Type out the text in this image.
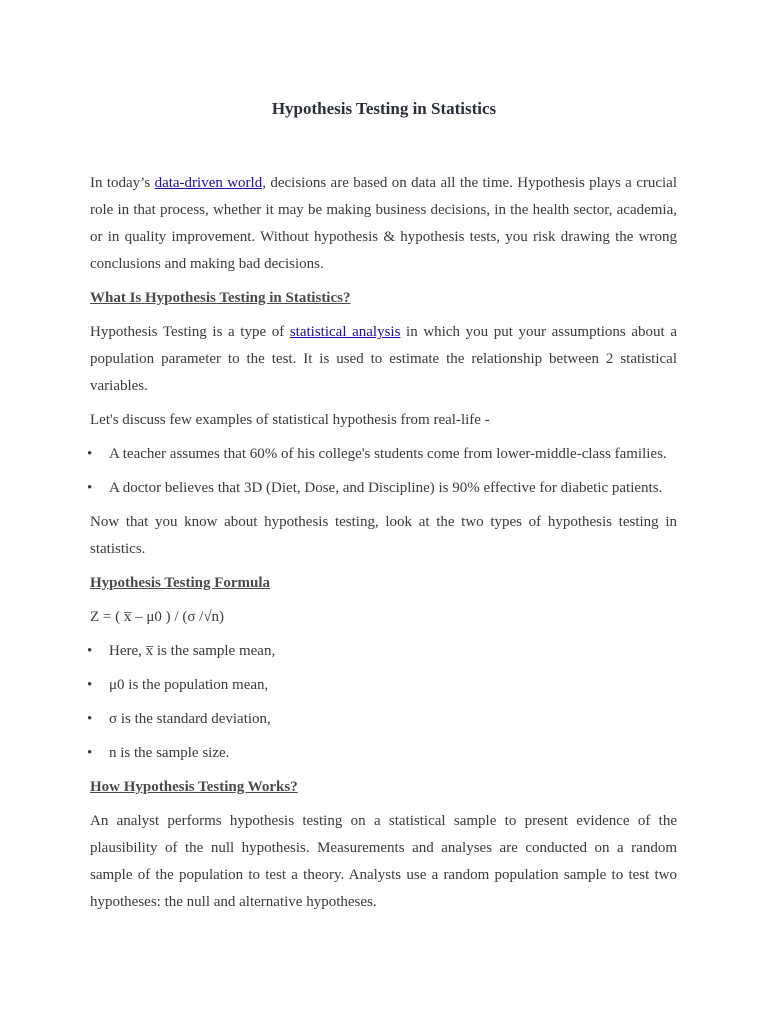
Hypothesis Testing in Statistics

In today’s data-driven world, decisions are based on data all the time. Hypothesis plays a crucial role in that process, whether it may be making business decisions, in the health sector, academia, or in quality improvement. Without hypothesis & hypothesis tests, you risk drawing the wrong conclusions and making bad decisions.

What Is Hypothesis Testing in Statistics?

Hypothesis Testing is a type of statistical analysis in which you put your assumptions about a population parameter to the test. It is used to estimate the relationship between 2 statistical variables.

Let's discuss few examples of statistical hypothesis from real-life -

• A teacher assumes that 60% of his college's students come from lower-middle-class families.
• A doctor believes that 3D (Diet, Dose, and Discipline) is 90% effective for diabetic patients.

Now that you know about hypothesis testing, look at the two types of hypothesis testing in statistics.

Hypothesis Testing Formula

Z = ( x̅ – μ0 ) / (σ /√n)

• Here, x̅ is the sample mean,
• μ0 is the population mean,
• σ is the standard deviation,
• n is the sample size.
How Hypothesis Testing Works?

An analyst performs hypothesis testing on a statistical sample to present evidence of the plausibility of the null hypothesis. Measurements and analyses are conducted on a random sample of the population to test a theory. Analysts use a random population sample to test two hypotheses: the null and alternative hypotheses.
